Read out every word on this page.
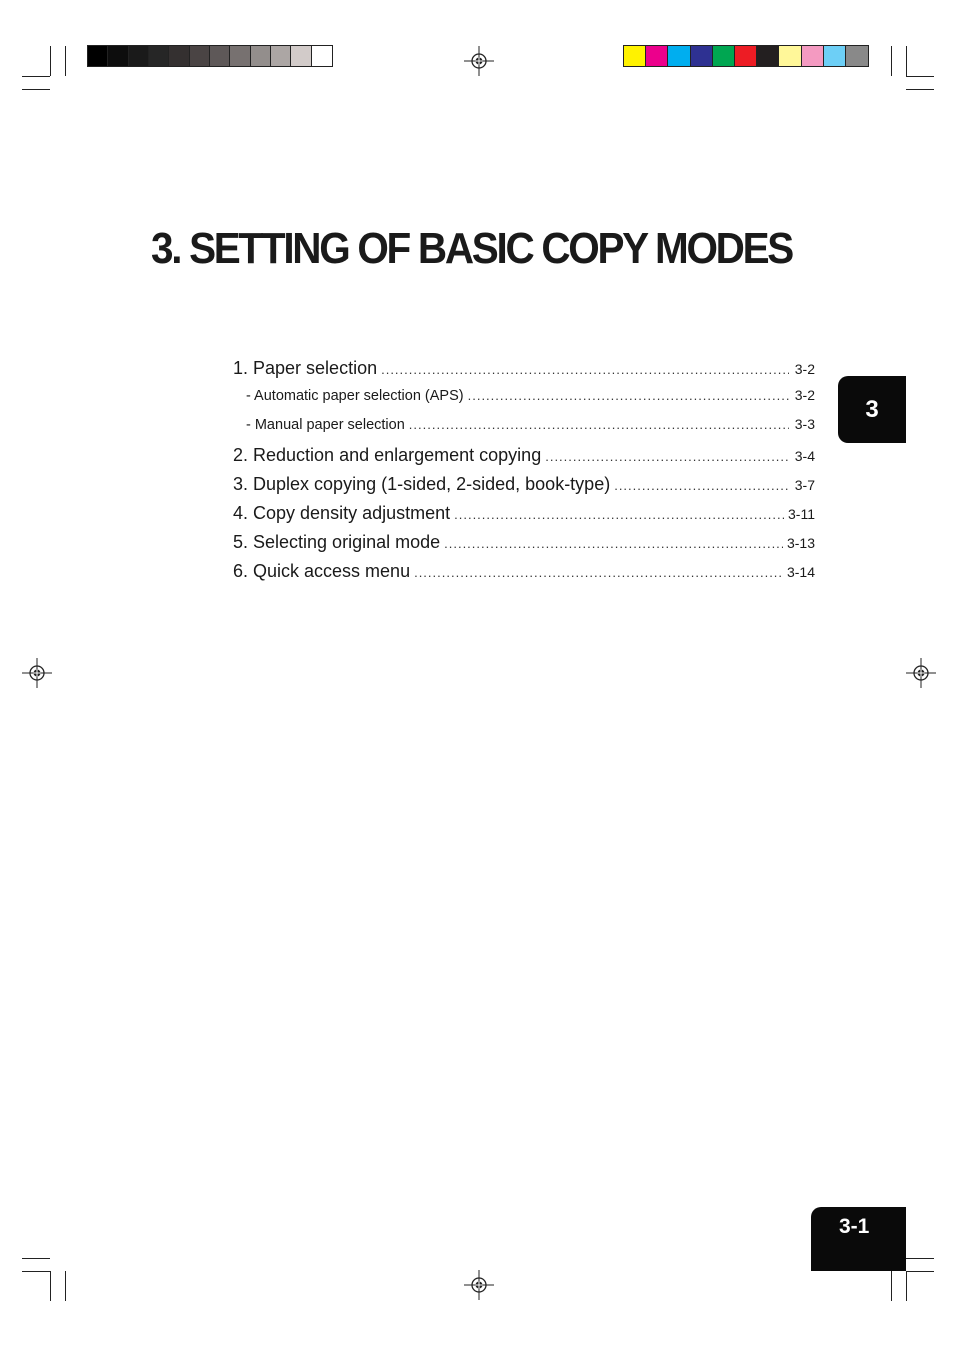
3. SETTING OF BASIC COPY MODES
1. Paper selection .....	3-2
- Automatic paper selection (APS) .....	3-2
- Manual paper selection .....	3-3
2. Reduction and enlargement copying .....	3-4
3. Duplex copying (1-sided, 2-sided, book-type) .....	3-7
4. Copy density adjustment .....	3-11
5. Selecting original mode .....	3-13
6. Quick access menu .....	3-14
3
3-1
